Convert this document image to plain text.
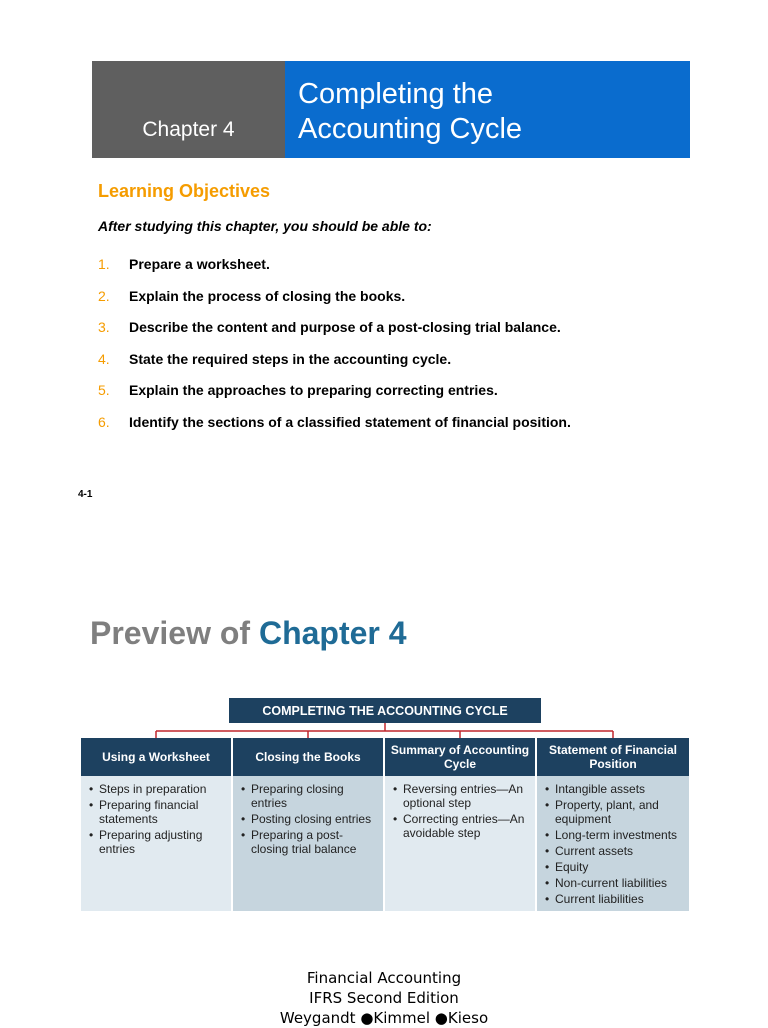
Chapter 4
Completing the
Accounting Cycle
Learning Objectives
After studying this chapter, you should be able to:
1.	Prepare a worksheet.
2.	Explain the process of closing the books.
3.	Describe the content and purpose of a post-closing trial balance.
4.	State the required steps in the accounting cycle.
5.	Explain the approaches to preparing correcting entries.
6.	Identify the sections of a classified statement of financial position.
4-1
Preview of Chapter 4
COMPLETING THE ACCOUNTING CYCLE
Using a Worksheet
• Steps in preparation
• Preparing financial statements
• Preparing adjusting entries
Closing the Books
• Preparing closing entries
• Posting closing entries
• Preparing a post-closing trial balance
Summary of Accounting Cycle
• Reversing entries—An optional step
• Correcting entries—An avoidable step
Statement of Financial Position
• Intangible assets
• Property, plant, and equipment
• Long-term investments
• Current assets
• Equity
• Non-current liabilities
• Current liabilities
Financial Accounting
IFRS Second Edition
Weygandt ●Kimmel ●Kieso
